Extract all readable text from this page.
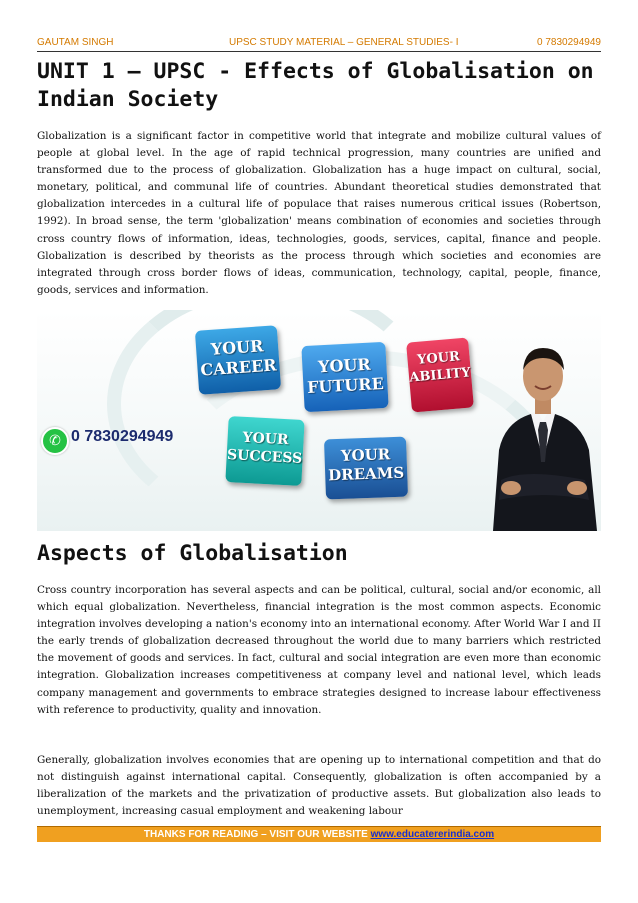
GAUTAM SINGH	UPSC STUDY MATERIAL – GENERAL STUDIES- I	0 7830294949
UNIT 1 – UPSC - Effects of Globalisation on Indian Society

Globalization is a significant factor in competitive world that integrate and mobilize cultural values of people at global level. In the age of rapid technical progression, many countries are unified and transformed due to the process of globalization. Globalization has a huge impact on cultural, social, monetary, political, and communal life of countries. Abundant theoretical studies demonstrated that globalization intercedes in a cultural life of populace that raises numerous critical issues (Robertson, 1992). In broad sense, the term 'globalization' means combination of economies and societies through cross country flows of information, ideas, technologies, goods, services, capital, finance and people. Globalization is described by theorists as the process through which societies and economies are integrated through cross border flows of ideas, communication, technology, capital, people, finance, goods, services and information.

YOUR
CAREER	YOUR
FUTURE
YOUR
ABILITY
YOUR
SUCCESS	YOUR
DREAMS
✆ 0 7830294949
Aspects of Globalisation

Cross country incorporation has several aspects and can be political, cultural, social and/or economic, all which equal globalization. Nevertheless, financial integration is the most common aspects. Economic integration involves developing a nation's economy into an international economy. After World War I and II the early trends of globalization decreased throughout the world due to many barriers which restricted the movement of goods and services. In fact, cultural and social integration are even more than economic integration. Globalization increases competitiveness at company level and national level, which leads company management and governments to embrace strategies designed to increase labour effectiveness with reference to productivity, quality and innovation.

Generally, globalization involves economies that are opening up to international competition and that do not distinguish against international capital. Consequently, globalization is often accompanied by a liberalization of the markets and the privatization of productive assets. But globalization also leads to unemployment, increasing casual employment and weakening labour

THANKS FOR READING – VISIT OUR WEBSITE www.educatererindia.com
